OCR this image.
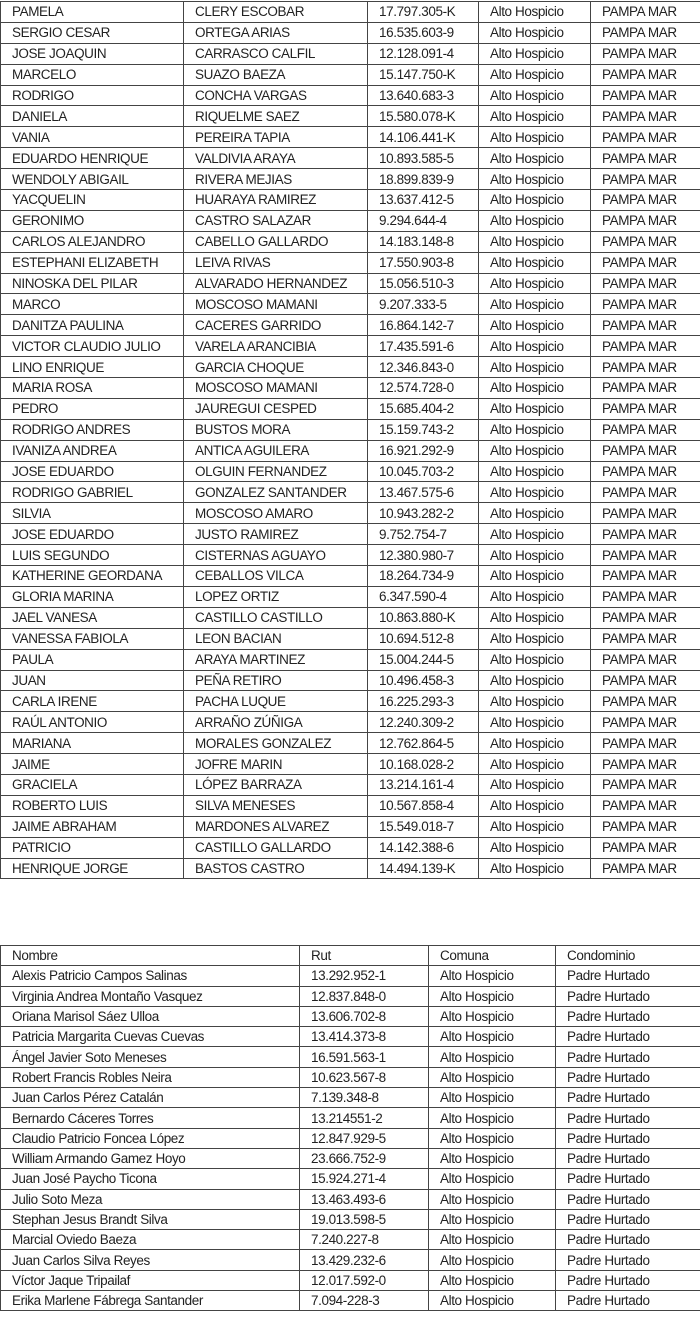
PAMELA	CLERY ESCOBAR	17.797.305-K	Alto Hospicio	PAMPA MAR
SERGIO CESAR	ORTEGA ARIAS	16.535.603-9	Alto Hospicio	PAMPA MAR
JOSE JOAQUIN	CARRASCO CALFIL	12.128.091-4	Alto Hospicio	PAMPA MAR
MARCELO	SUAZO BAEZA	15.147.750-K	Alto Hospicio	PAMPA MAR
RODRIGO	CONCHA VARGAS	13.640.683-3	Alto Hospicio	PAMPA MAR
DANIELA	RIQUELME SAEZ	15.580.078-K	Alto Hospicio	PAMPA MAR
VANIA	PEREIRA TAPIA	14.106.441-K	Alto Hospicio	PAMPA MAR
EDUARDO HENRIQUE	VALDIVIA ARAYA	10.893.585-5	Alto Hospicio	PAMPA MAR
WENDOLY ABIGAIL	RIVERA MEJIAS	18.899.839-9	Alto Hospicio	PAMPA MAR
YACQUELIN	HUARAYA RAMIREZ	13.637.412-5	Alto Hospicio	PAMPA MAR
GERONIMO	CASTRO SALAZAR	9.294.644-4	Alto Hospicio	PAMPA MAR
CARLOS ALEJANDRO	CABELLO GALLARDO	14.183.148-8	Alto Hospicio	PAMPA MAR
ESTEPHANI ELIZABETH	LEIVA RIVAS	17.550.903-8	Alto Hospicio	PAMPA MAR
NINOSKA DEL PILAR	ALVARADO HERNANDEZ	15.056.510-3	Alto Hospicio	PAMPA MAR
MARCO	MOSCOSO MAMANI	9.207.333-5	Alto Hospicio	PAMPA MAR
DANITZA PAULINA	CACERES GARRIDO	16.864.142-7	Alto Hospicio	PAMPA MAR
VICTOR CLAUDIO JULIO	VARELA ARANCIBIA	17.435.591-6	Alto Hospicio	PAMPA MAR
LINO ENRIQUE	GARCIA CHOQUE	12.346.843-0	Alto Hospicio	PAMPA MAR
MARIA ROSA	MOSCOSO MAMANI	12.574.728-0	Alto Hospicio	PAMPA MAR
PEDRO	JAUREGUI CESPED	15.685.404-2	Alto Hospicio	PAMPA MAR
RODRIGO ANDRES	BUSTOS MORA	15.159.743-2	Alto Hospicio	PAMPA MAR
IVANIZA ANDREA	ANTICA AGUILERA	16.921.292-9	Alto Hospicio	PAMPA MAR
JOSE EDUARDO	OLGUIN FERNANDEZ	10.045.703-2	Alto Hospicio	PAMPA MAR
RODRIGO GABRIEL	GONZALEZ SANTANDER	13.467.575-6	Alto Hospicio	PAMPA MAR
SILVIA	MOSCOSO AMARO	10.943.282-2	Alto Hospicio	PAMPA MAR
JOSE EDUARDO	JUSTO RAMIREZ	9.752.754-7	Alto Hospicio	PAMPA MAR
LUIS SEGUNDO	CISTERNAS AGUAYO	12.380.980-7	Alto Hospicio	PAMPA MAR
KATHERINE GEORDANA	CEBALLOS VILCA	18.264.734-9	Alto Hospicio	PAMPA MAR
GLORIA MARINA	LOPEZ ORTIZ	6.347.590-4	Alto Hospicio	PAMPA MAR
JAEL VANESA	CASTILLO CASTILLO	10.863.880-K	Alto Hospicio	PAMPA MAR
VANESSA FABIOLA	LEON BACIAN	10.694.512-8	Alto Hospicio	PAMPA MAR
PAULA	ARAYA MARTINEZ	15.004.244-5	Alto Hospicio	PAMPA MAR
JUAN	PEÑA RETIRO	10.496.458-3	Alto Hospicio	PAMPA MAR
CARLA IRENE	PACHA LUQUE	16.225.293-3	Alto Hospicio	PAMPA MAR
RAÚL ANTONIO	ARRAÑO ZÚÑIGA	12.240.309-2	Alto Hospicio	PAMPA MAR
MARIANA	MORALES GONZALEZ	12.762.864-5	Alto Hospicio	PAMPA MAR
JAIME	JOFRE MARIN	10.168.028-2	Alto Hospicio	PAMPA MAR
GRACIELA	LÓPEZ BARRAZA	13.214.161-4	Alto Hospicio	PAMPA MAR
ROBERTO LUIS	SILVA MENESES	10.567.858-4	Alto Hospicio	PAMPA MAR
JAIME ABRAHAM	MARDONES ALVAREZ	15.549.018-7	Alto Hospicio	PAMPA MAR
PATRICIO	CASTILLO GALLARDO	14.142.388-6	Alto Hospicio	PAMPA MAR
HENRIQUE JORGE	BASTOS CASTRO	14.494.139-K	Alto Hospicio	PAMPA MAR
Nombre	Rut	Comuna	Condominio
Alexis Patricio Campos Salinas	13.292.952-1	Alto Hospicio	Padre Hurtado
Virginia Andrea Montaño Vasquez	12.837.848-0	Alto Hospicio	Padre Hurtado
Oriana Marisol Sáez Ulloa	13.606.702-8	Alto Hospicio	Padre Hurtado
Patricia Margarita Cuevas Cuevas	13.414.373-8	Alto Hospicio	Padre Hurtado
Ángel Javier Soto Meneses	16.591.563-1	Alto Hospicio	Padre Hurtado
Robert Francis Robles Neira	10.623.567-8	Alto Hospicio	Padre Hurtado
Juan Carlos Pérez Catalán	7.139.348-8	Alto Hospicio	Padre Hurtado
Bernardo Cáceres Torres	13.214551-2	Alto Hospicio	Padre Hurtado
Claudio Patricio Foncea López	12.847.929-5	Alto Hospicio	Padre Hurtado
William Armando Gamez Hoyo	23.666.752-9	Alto Hospicio	Padre Hurtado
Juan José Paycho Ticona	15.924.271-4	Alto Hospicio	Padre Hurtado
Julio Soto Meza	13.463.493-6	Alto Hospicio	Padre Hurtado
Stephan Jesus Brandt Silva	19.013.598-5	Alto Hospicio	Padre Hurtado
Marcial Oviedo Baeza	7.240.227-8	Alto Hospicio	Padre Hurtado
Juan Carlos Silva Reyes	13.429.232-6	Alto Hospicio	Padre Hurtado
Víctor Jaque Tripailaf	12.017.592-0	Alto Hospicio	Padre Hurtado
Erika Marlene Fábrega Santander	7.094-228-3	Alto Hospicio	Padre Hurtado
